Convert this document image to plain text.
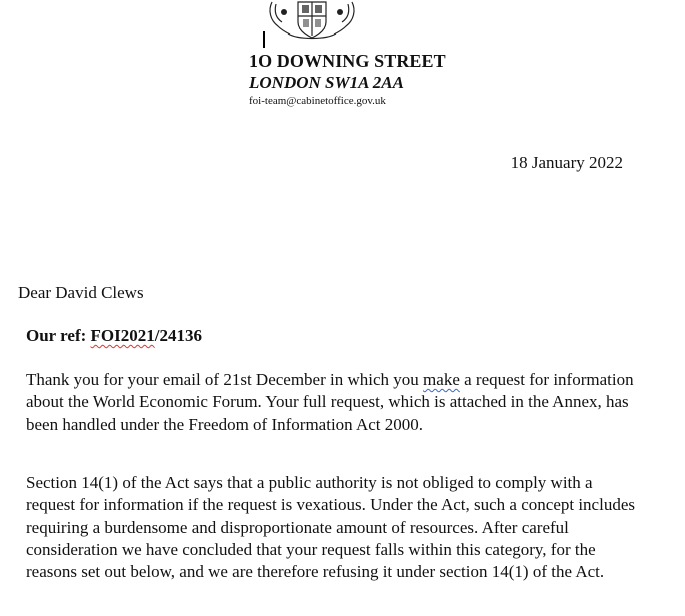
1O DOWNING STREET
LONDON SW1A 2AA
foi-team@cabinetoffice.gov.uk
18 January 2022
Dear David Clews
Our ref: FOI2021/24136

Thank you for your email of 21st December in which you make a request for information about the World Economic Forum. Your full request, which is attached in the Annex, has been handled under the Freedom of Information Act 2000.

Section 14(1) of the Act says that a public authority is not obliged to comply with a request for information if the request is vexatious. Under the Act, such a concept includes requiring a burdensome and disproportionate amount of resources. After careful consideration we have concluded that your request falls within this category, for the reasons set out below, and we are therefore refusing it under section 14(1) of the Act.
